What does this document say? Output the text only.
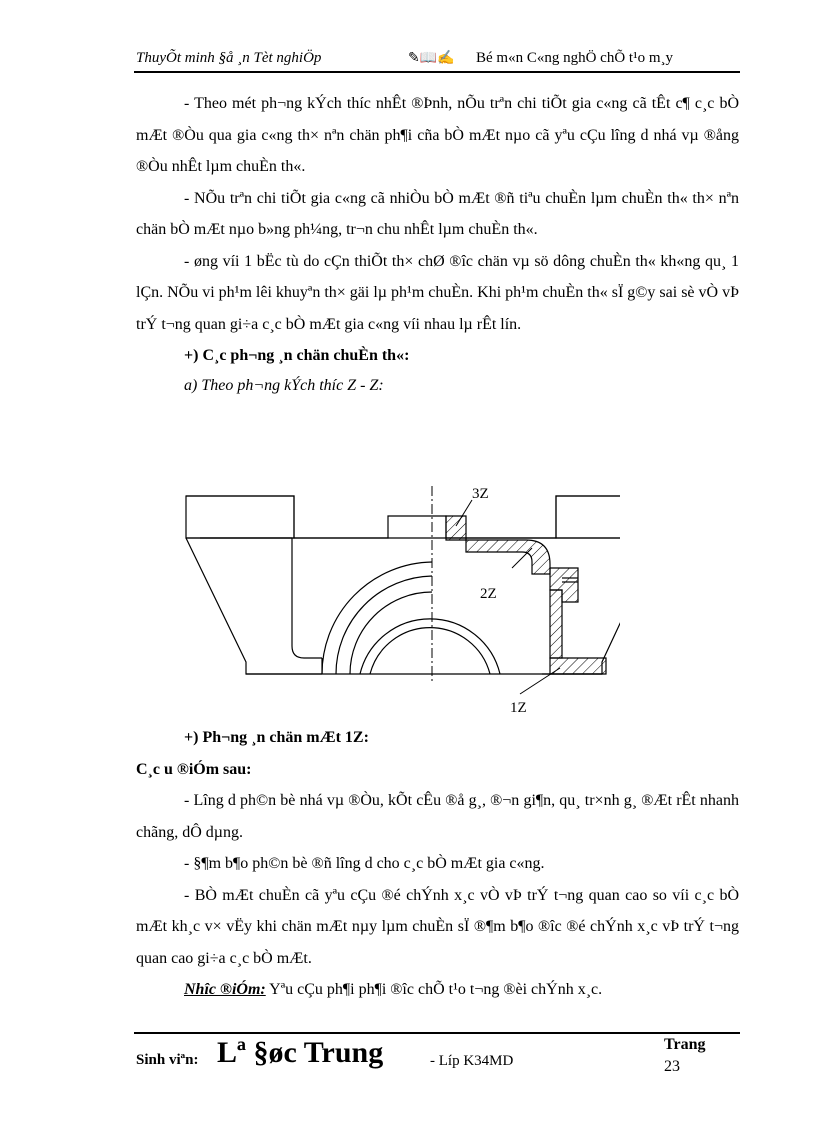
ThuyÕt minh §å ¸n Tèt nghiÖp	✎📖✍ Bé m«n C«ng nghÖ chÕ t¹o m¸y

- Theo mét ph¬ng kÝch thíc nhÊt ®Þnh, nÕu trªn chi tiÕt gia c«ng cã tÊt c¶ c¸c bÒ mÆt ®Òu qua gia c«ng th× nªn chän ph¶i cña bÒ mÆt nµo cã yªu cÇu lîng d nhá vµ ®ång ®Òu nhÊt lµm chuÈn th«.

- NÕu trªn chi tiÕt gia c«ng cã nhiÒu bÒ mÆt ®ñ tiªu chuÈn lµm chuÈn th« th× nªn chän bÒ mÆt nµo b»ng ph¼ng, tr¬n chu nhÊt lµm chuÈn th«.

- øng víi 1 bËc tù do cÇn thiÕt th× chØ ®îc chän vµ sö dông chuÈn th« kh«ng qu¸ 1 lÇn. NÕu vi ph¹m lêi khuyªn th× gäi lµ ph¹m chuÈn. Khi ph¹m chuÈn th« sÏ g©y sai sè vÒ vÞ trÝ t¬ng quan gi÷a c¸c bÒ mÆt gia c«ng víi nhau lµ rÊt lín.

+) C¸c ph¬ng ¸n chän chuÈn th«:

a) Theo ph¬ng kÝch thíc Z - Z:

3Z
2Z
1Z

+) Ph¬ng ¸n chän mÆt 1Z:

C¸c u ®iÓm sau:

- Lîng d ph©n bè nhá vµ ®Òu, kÕt cÊu ®å g¸, ®¬n gi¶n, qu¸ tr×nh g¸ ®Æt rÊt nhanh chãng, dÔ dµng.

- §¶m b¶o ph©n bè ®ñ lîng d cho c¸c bÒ mÆt gia c«ng.

- BÒ mÆt chuÈn cã yªu cÇu ®é chÝnh x¸c vÒ vÞ trÝ t¬ng quan cao so víi c¸c bÒ mÆt kh¸c v× vËy khi chän mÆt nµy lµm chuÈn sÏ ®¶m b¶o ®îc ®é chÝnh x¸c vÞ trÝ t¬ng quan cao gi÷a c¸c bÒ mÆt.

Nhîc ®iÓm: Yªu cÇu ph¶i ph¶i ®îc chÕ t¹o t¬ng ®èi chÝnh x¸c.

Sinh viªn: Lª §øc Trung	- Líp K34MD
Trang
23
